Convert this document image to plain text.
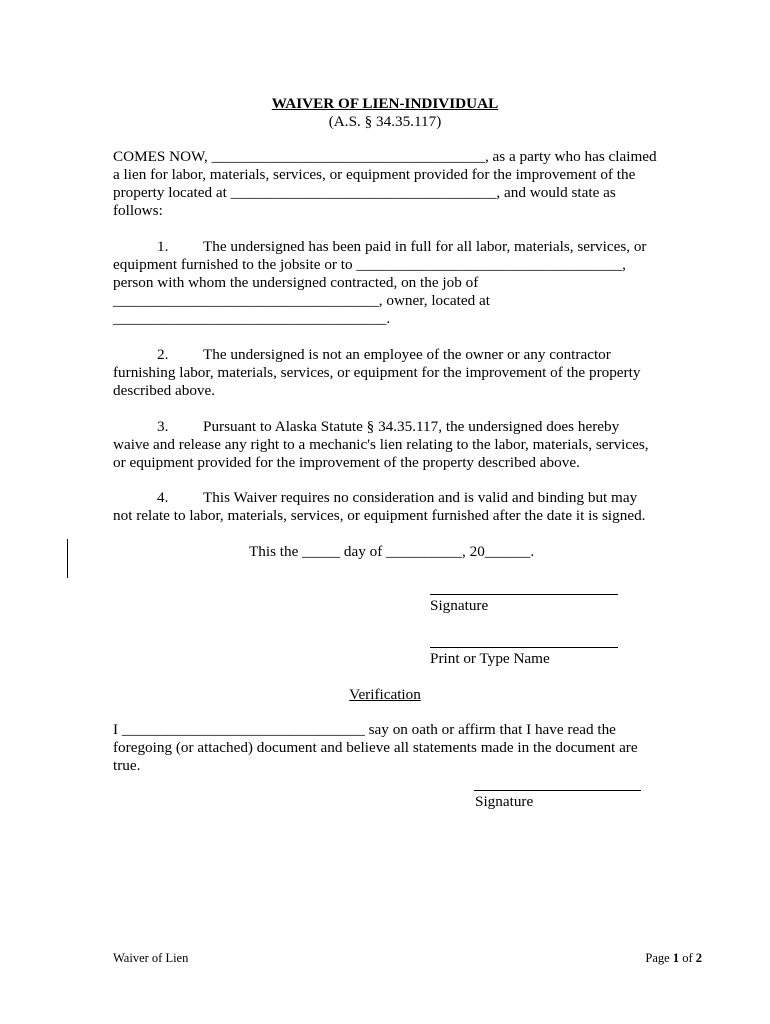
WAIVER OF LIEN-INDIVIDUAL

(A.S. § 34.35.117)

COMES NOW, ____________________________________, as a party who has claimed

a lien for labor, materials, services, or equipment provided for the improvement of the

property located at ___________________________________, and would state as

follows:

1. The undersigned has been paid in full for all labor, materials, services, or

equipment furnished to the jobsite or to ___________________________________,

person with whom the undersigned contracted, on the job of

___________________________________, owner, located at

____________________________________.

2. The undersigned is not an employee of the owner or any contractor

furnishing labor, materials, services, or equipment for the improvement of the property

described above.

3. Pursuant to Alaska Statute § 34.35.117, the undersigned does hereby

waive and release any right to a mechanic's lien relating to the labor, materials, services,

or equipment provided for the improvement of the property described above.

4. This Waiver requires no consideration and is valid and binding but may

not relate to labor, materials, services, or equipment furnished after the date it is signed.

This the _____ day of __________, 20______.

Signature

Print or Type Name

Verification

I ________________________________ say on oath or affirm that I have read the

foregoing (or attached) document and believe all statements made in the document are

true.

Signature

Waiver of Lien	Page 1 of 2
